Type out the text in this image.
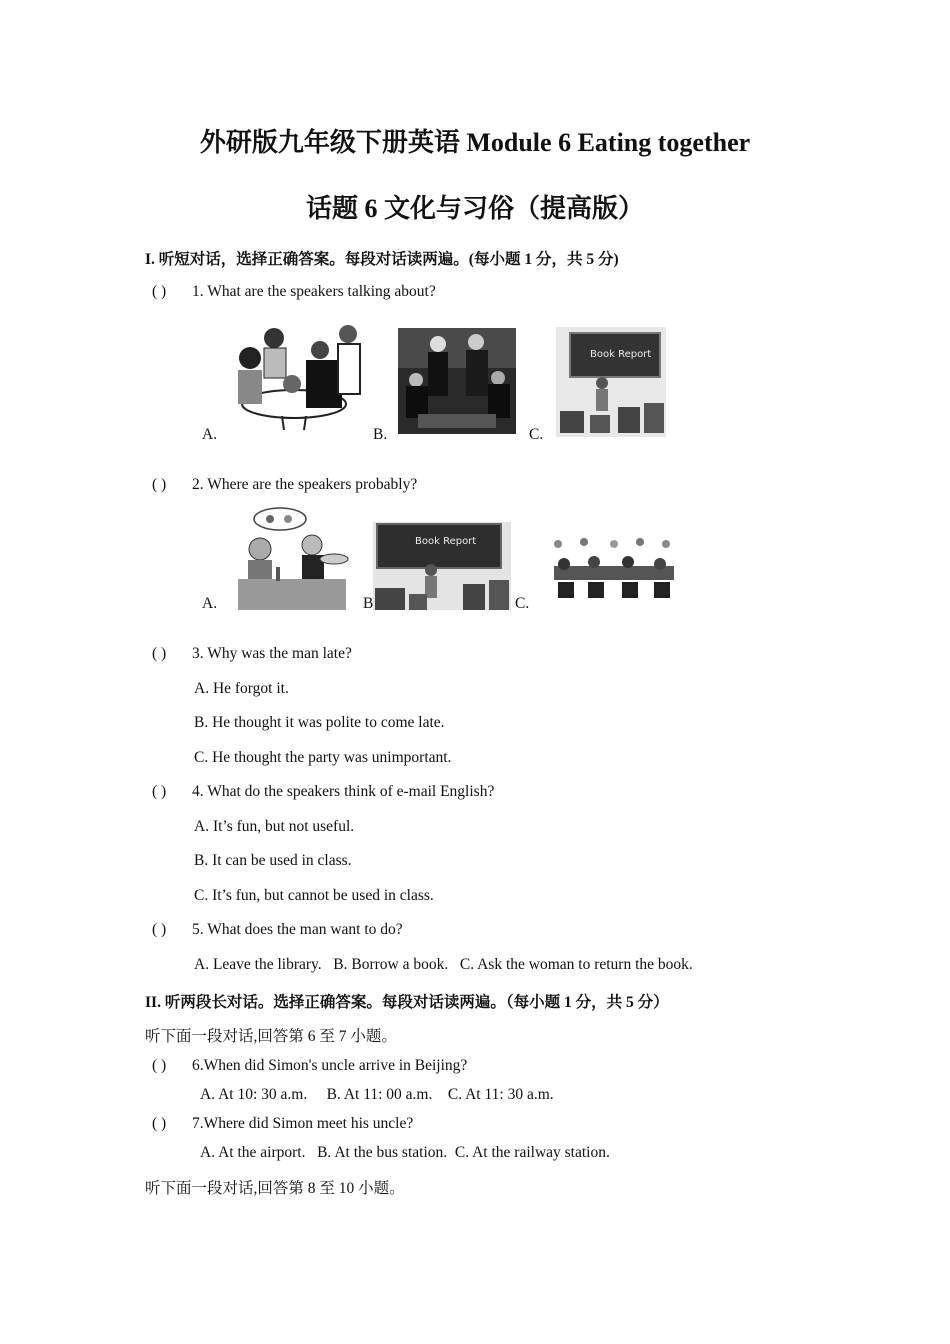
外研版九年级下册英语 Module 6 Eating together
话题 6 文化与习俗（提高版）
I. 听短对话，选择正确答案。每段对话读两遍。(每小题 1 分，共 5 分)
( ) 1. What are the speakers talking about?
A.	B.
Book Report
C.
( ) 2. Where are the speakers probably?
A.
Book Report
B	C.
( ) 3. Why was the man late?
A. He forgot it.
B. He thought it was polite to come late.
C. He thought the party was unimportant.
( ) 4. What do the speakers think of e-mail English?
A. It’s fun, but not useful.
B. It can be used in class.
C. It’s fun, but cannot be used in class.
( ) 5. What does the man want to do?
A. Leave the library.   B. Borrow a book.   C. Ask the woman to return the book.
II. 听两段长对话。选择正确答案。每段对话读两遍。（每小题 1 分，共 5 分）
听下面一段对话,回答第 6 至 7 小题。
( ) 6.When did Simon's uncle arrive in Beijing?
A. At 10: 30 a.m.     B. At 11: 00 a.m.    C. At 11: 30 a.m.
( ) 7.Where did Simon meet his uncle?
A. At the airport.   B. At the bus station.  C. At the railway station.
听下面一段对话,回答第 8 至 10 小题。
